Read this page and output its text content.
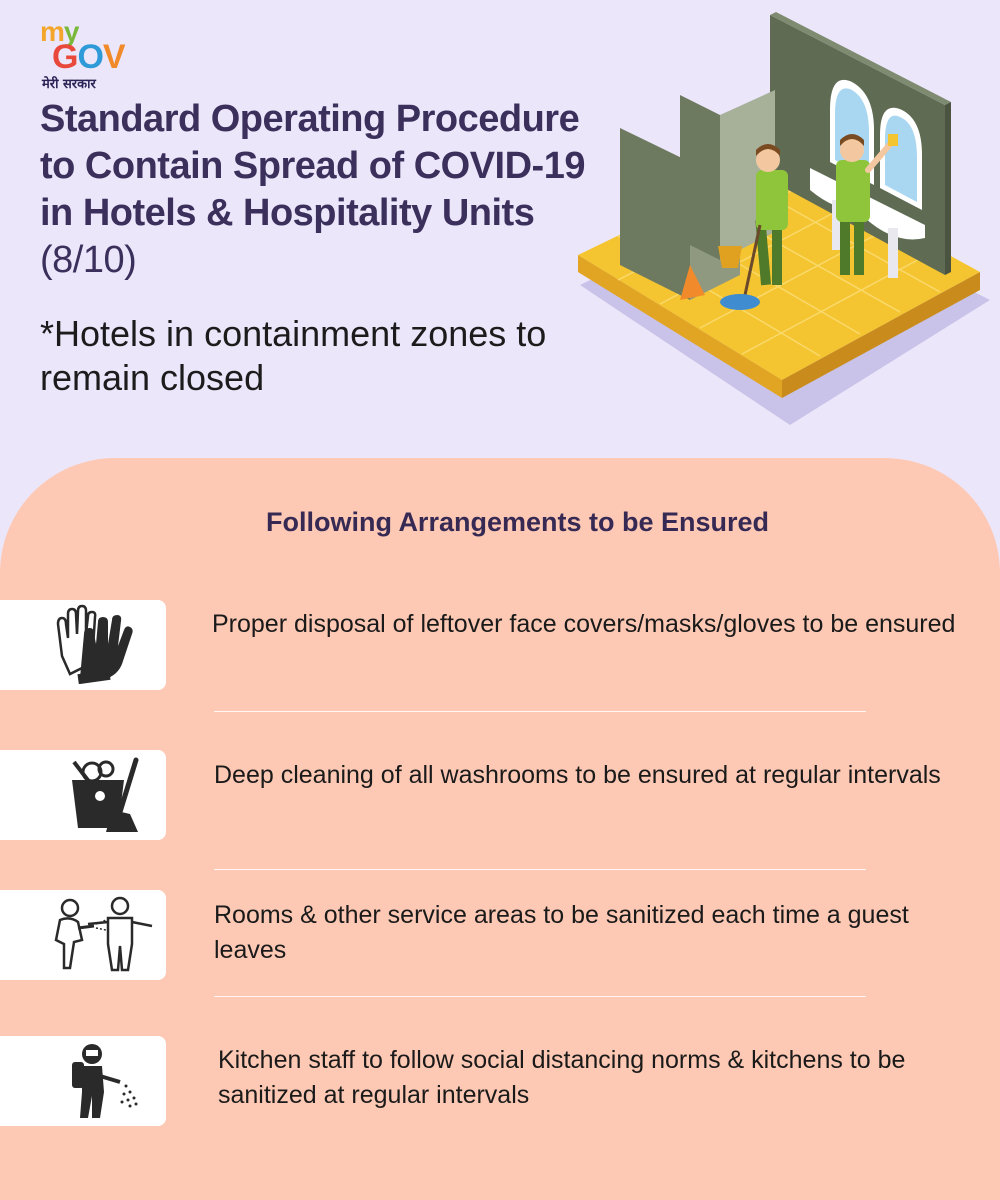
my
GOV
मेरी सरकार
Standard Operating Procedure to Contain Spread of COVID-19 in Hotels & Hospitality Units (8/10)

*Hotels in containment zones to remain closed

Following Arrangements to be Ensured

Proper disposal of leftover face covers/masks/gloves to be ensured

Deep cleaning of all washrooms to be ensured at regular intervals

Rooms & other service areas to be sanitized each time a guest leaves

Kitchen staff to follow social distancing norms & kitchens to be sanitized at regular intervals
